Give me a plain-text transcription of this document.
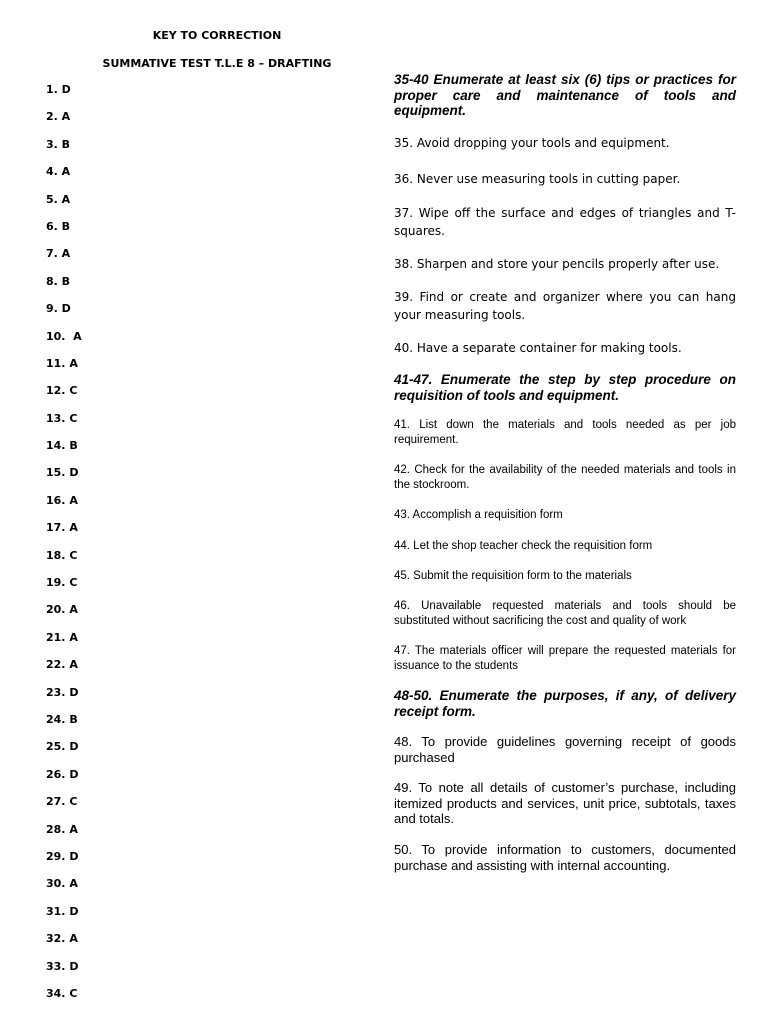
KEY TO CORRECTION
SUMMATIVE TEST T.L.E 8 – DRAFTING
1. D
2. A
3. B
4. A
5. A
6. B
7. A
8. B
9. D
10.  A
11. A
12. C
13. C
14. B
15. D
16. A
17. A
18. C
19. C
20. A
21. A
22. A
23. D
24. B
25. D
26. D
27. C
28. A
29. D
30. A
31. D
32. A
33. D
34. C

35-40 Enumerate at least six (6) tips or practices for proper care and maintenance of tools and equipment.

35. Avoid dropping your tools and equipment.

36. Never use measuring tools in cutting paper.

37. Wipe off the surface and edges of triangles and T-squares.

38. Sharpen and store your pencils properly after use.

39. Find or create and organizer where you can hang your measuring tools.

40. Have a separate container for making tools.

41-47. Enumerate the step by step procedure on requisition of tools and equipment.

41. List down the materials and tools needed as per job requirement.

42. Check for the availability of the needed materials and tools in the stockroom.

43. Accomplish a requisition form

44. Let the shop teacher check the requisition form

45. Submit the requisition form to the materials

46. Unavailable requested materials and tools should be substituted without sacrificing the cost and quality of work

47. The materials officer will prepare the requested materials for issuance to the students

48-50. Enumerate the purposes, if any, of delivery receipt form.

48. To provide guidelines governing receipt of goods purchased

49. To note all details of customer’s purchase, including itemized products and services, unit price, subtotals, taxes and totals.

50. To provide information to customers, documented purchase and assisting with internal accounting.
